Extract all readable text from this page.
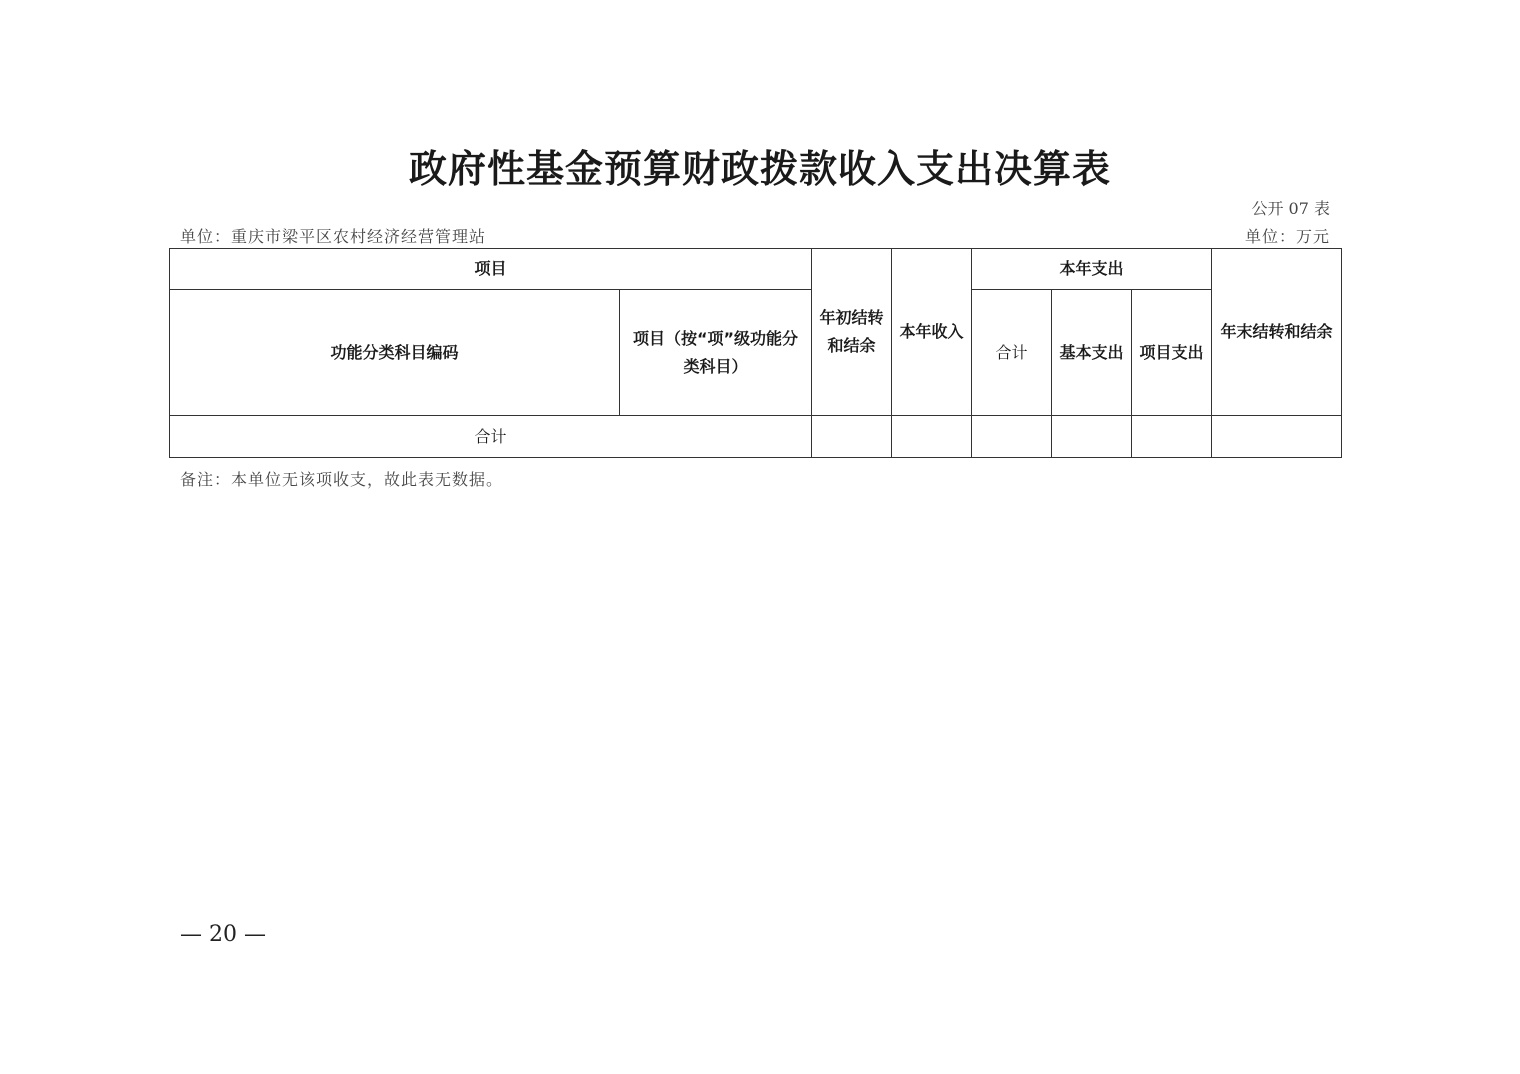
政府性基金预算财政拨款收入支出决算表
公开 07 表
单位：重庆市梁平区农村经济经营管理站	单位：万元
项目		年初结转和结余	本年收入	本年支出			年末结转和结余
功能分类科目编码	项目（按“项”级功能分类科目）			合计	基本支出	项目支出	
合计							
备注：本单位无该项收支，故此表无数据。
— 20 —
